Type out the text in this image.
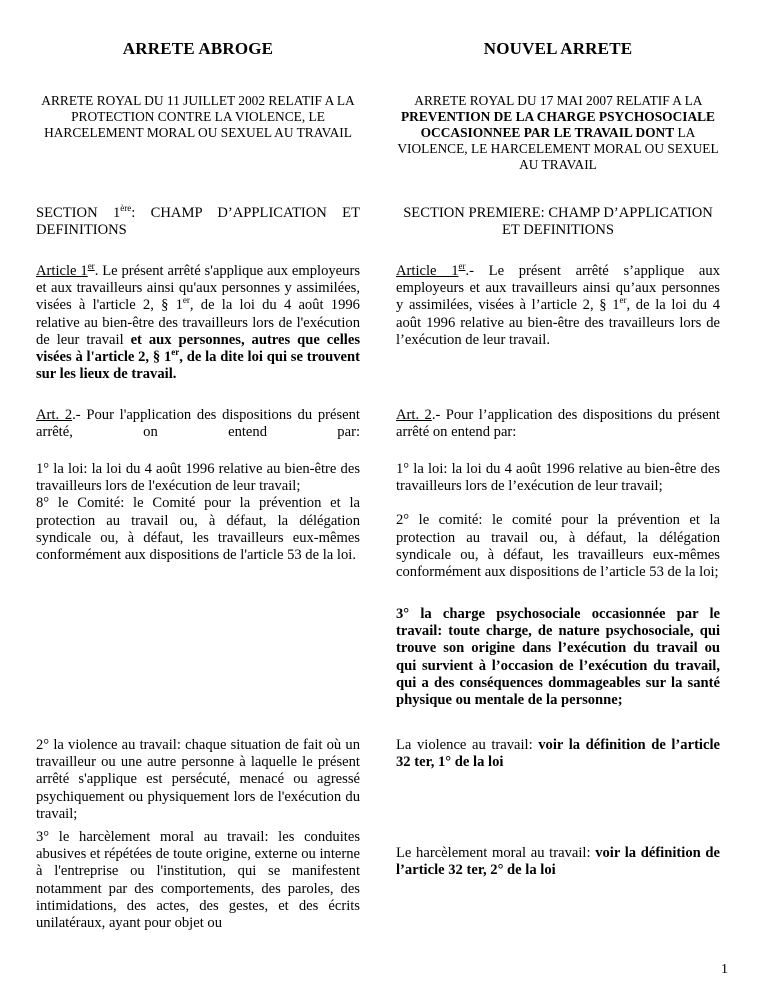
ARRETE ABROGE	NOUVEL ARRETE
ARRETE ROYAL DU 11 JUILLET 2002 RELATIF A LA PROTECTION CONTRE LA VIOLENCE, LE HARCELEMENT MORAL OU SEXUEL AU TRAVAIL
ARRETE ROYAL DU 17 MAI 2007 RELATIF A LA PREVENTION DE LA CHARGE PSYCHOSOCIALE OCCASIONNEE PAR LE TRAVAIL DONT LA VIOLENCE, LE HARCELEMENT MORAL OU SEXUEL AU TRAVAIL
SECTION 1ère: CHAMP D’APPLICATION ET DEFINITIONS
SECTION PREMIERE: CHAMP D’APPLICATION ET DEFINITIONS
Article 1er. Le présent arrêté s'applique aux employeurs et aux travailleurs ainsi qu'aux personnes y assimilées, visées à l'article 2, § 1er, de la loi du 4 août 1996 relative au bien-être des travailleurs lors de l'exécution de leur travail et aux personnes, autres que celles visées à l'article 2, § 1er, de la dite loi qui se trouvent sur les lieux de travail.
Article 1er.- Le présent arrêté s’applique aux employeurs et aux travailleurs ainsi qu’aux personnes y assimilées, visées à l’article 2, § 1er, de la loi du 4 août 1996 relative au bien-être des travailleurs lors de l’exécution de leur travail.
Art. 2.- Pour l'application des dispositions du présent arrêté, on entend par:
Art. 2.- Pour l’application des dispositions du présent arrêté on entend par:
1° la loi: la loi du 4 août 1996 relative au bien-être des travailleurs lors de l'exécution de leur travail;
8° le Comité: le Comité pour la prévention et la protection au travail ou, à défaut, la délégation syndicale ou, à défaut, les travailleurs eux-mêmes conformément aux dispositions de l'article 53 de la loi.
1° la loi: la loi du 4 août 1996 relative au bien-être des travailleurs lors de l’exécution de leur travail;
2° le comité: le comité pour la prévention et la protection au travail ou, à défaut, la délégation syndicale ou, à défaut, les travailleurs eux-mêmes conformément aux dispositions de l’article 53 de la loi;
3° la charge psychosociale occasionnée par le travail: toute charge, de nature psychosociale, qui trouve son origine dans l’exécution du travail ou qui survient à l’occasion de l’exécution du travail, qui a des conséquences dommageables sur la santé physique ou mentale de la personne;
2° la violence au travail: chaque situation de fait où un travailleur ou une autre personne à laquelle le présent arrêté s'applique est persécuté, menacé ou agressé psychiquement ou physiquement lors de l'exécution du travail;
La violence au travail: voir la définition de l’article 32 ter, 1° de la loi
3° le harcèlement moral au travail: les conduites abusives et répétées de toute origine, externe ou interne à l'entreprise ou l'institution, qui se manifestent notamment par des comportements, des paroles, des intimidations, des actes, des gestes, et des écrits unilatéraux, ayant pour objet ou
Le harcèlement moral au travail: voir la définition de l’article 32 ter, 2° de la loi
1
